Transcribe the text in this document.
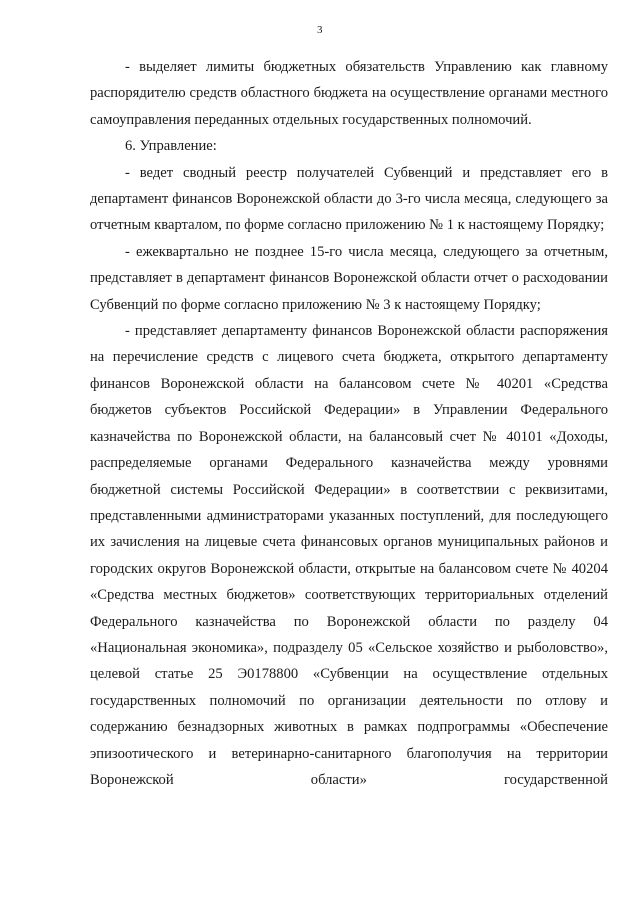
3

- выделяет лимиты бюджетных обязательств Управлению как главному распорядителю средств областного бюджета на осуществление органами местного самоуправления переданных отдельных государственных полномочий.

6. Управление:

- ведет сводный реестр получателей Субвенций и представляет его в департамент финансов Воронежской области до 3-го числа месяца, следующего за отчетным кварталом, по форме согласно приложению № 1 к настоящему Порядку;

- ежеквартально не позднее 15-го числа месяца, следующего за отчетным, представляет в департамент финансов Воронежской области отчет о расходовании Субвенций по форме согласно приложению № 3 к настоящему Порядку;

- представляет департаменту финансов Воронежской области распоряжения на перечисление средств с лицевого счета бюджета, открытого департаменту финансов Воронежской области на балансовом счете № 40201 «Средства бюджетов субъектов Российской Федерации» в Управлении Федерального казначейства по Воронежской области, на балансовый счет № 40101 «Доходы, распределяемые органами Федерального казначейства между уровнями бюджетной системы Российской Федерации» в соответствии с реквизитами, представленными администраторами указанных поступлений, для последующего их зачисления на лицевые счета финансовых органов муниципальных районов и городских округов Воронежской области, открытые на балансовом счете № 40204 «Средства местных бюджетов» соответствующих территориальных отделений Федерального казначейства по Воронежской области по разделу 04 «Национальная экономика», подразделу 05 «Сельское хозяйство и рыболовство», целевой статье 25 Э0178800 «Субвенции на осуществление отдельных государственных полномочий по организации деятельности по отлову и содержанию безнадзорных животных в рамках подпрограммы «Обеспечение эпизоотического и ветеринарно-санитарного благополучия на территории Воронежской области» государственной
